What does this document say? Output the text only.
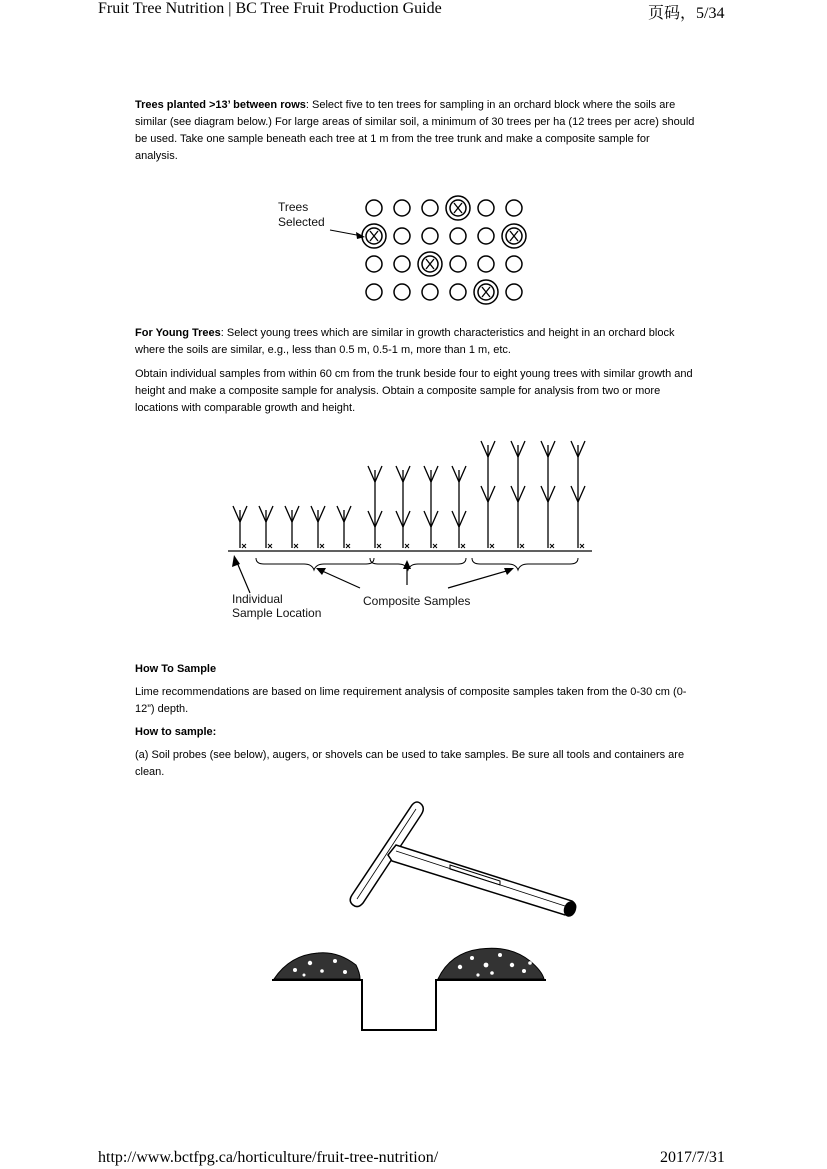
Fruit Tree Nutrition | BC Tree Fruit Production Guide	页码，5/34

Trees planted >13’ between rows: Select five to ten trees for sampling in an orchard block where the soils are similar (see diagram below.) For large areas of similar soil, a minimum of 30 trees per ha (12 trees per acre) should be used. Take one sample beneath each tree at 1 m from the tree trunk and make a composite sample for analysis.

Trees
Selected

For Young Trees: Select young trees which are similar in growth characteristics and height in an orchard block where the soils are similar, e.g., less than 0.5 m, 0.5-1 m, more than 1 m, etc.

Obtain individual samples from within 60 cm from the trunk beside four to eight young trees with similar growth and height and make a composite sample for analysis. Obtain a composite sample for analysis from two or more locations with comparable growth and height.

Individual
Sample Location
Composite Samples

How To Sample

Lime recommendations are based on lime requirement analysis of composite samples taken from the 0-30 cm (0-12”) depth.

How to sample:

(a) Soil probes (see below), augers, or shovels can be used to take samples. Be sure all tools and containers are clean.

http://www.bctfpg.ca/horticulture/fruit-tree-nutrition/	2017/7/31
